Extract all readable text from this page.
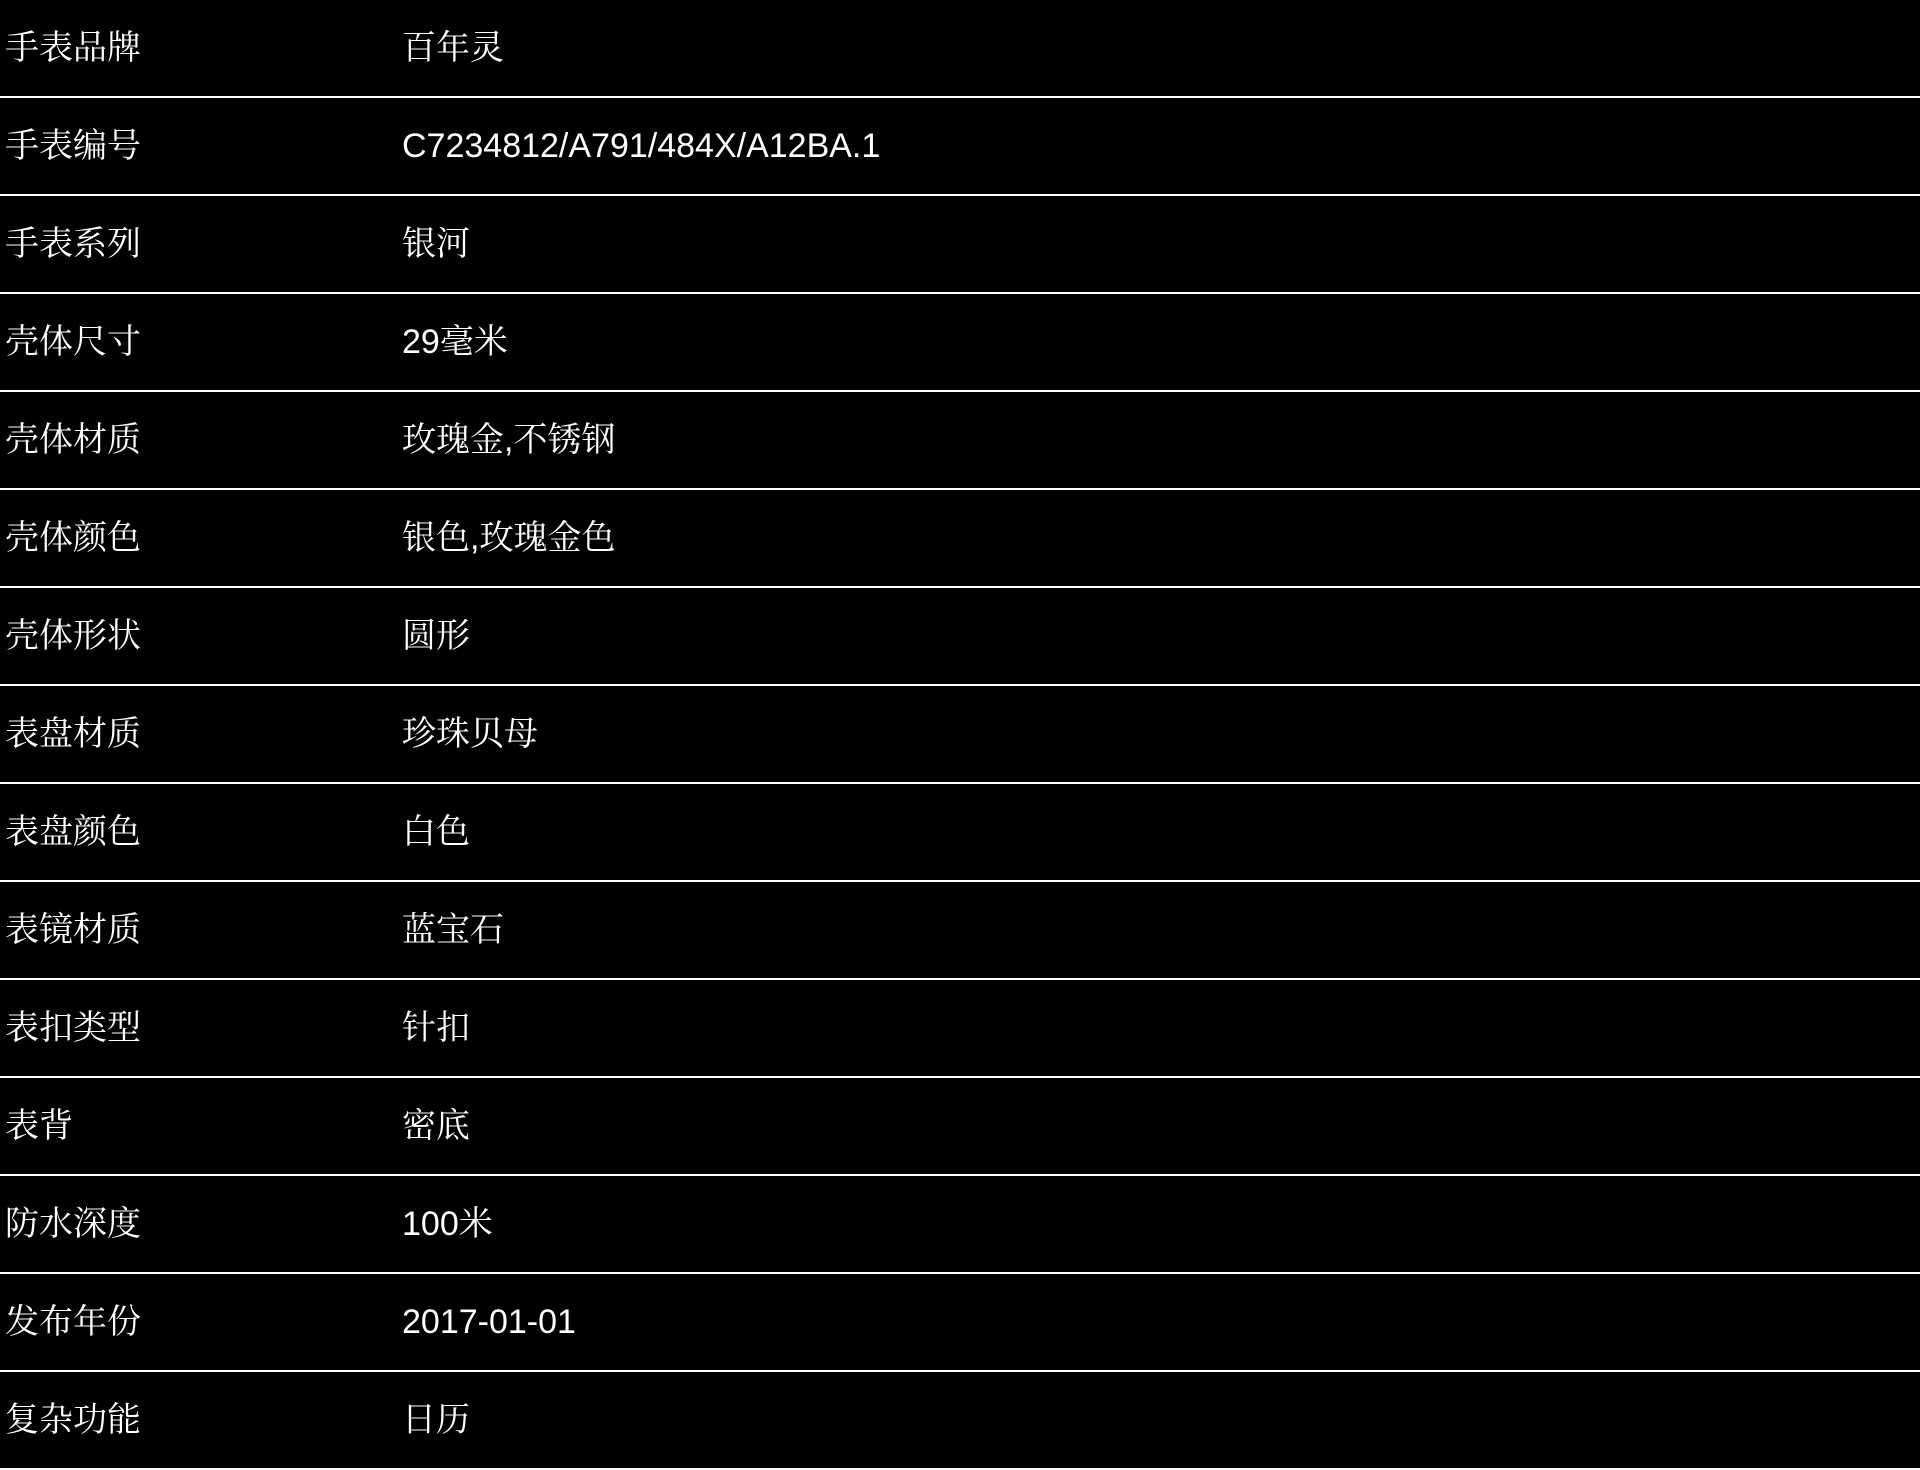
手表品牌	百年灵
手表编号	C7234812/A791/484X/A12BA.1
手表系列	银河
壳体尺寸	29毫米
壳体材质	玫瑰金,不锈钢
壳体颜色	银色,玫瑰金色
壳体形状	圆形
表盘材质	珍珠贝母
表盘颜色	白色
表镜材质	蓝宝石
表扣类型	针扣
表背	密底
防水深度	100米
发布年份	2017-01-01
复杂功能	日历
